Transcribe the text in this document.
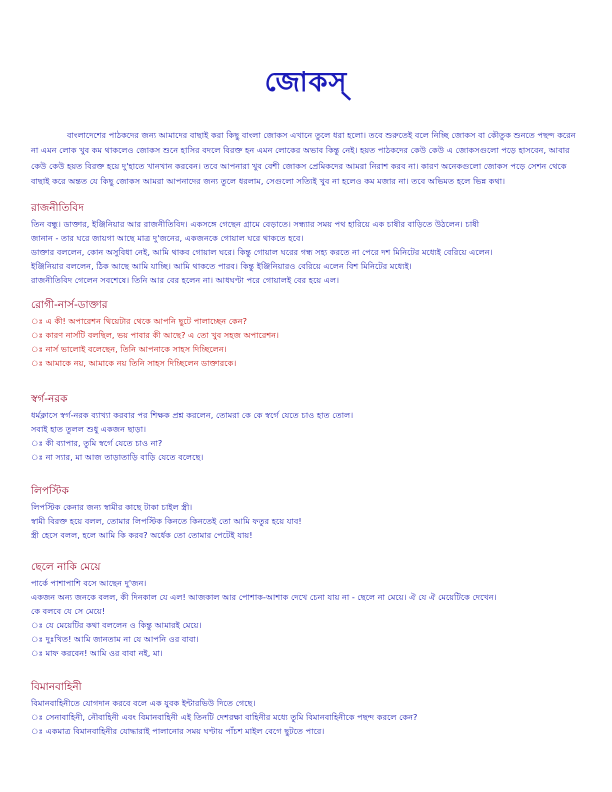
জোকস্‌

বাংলাদেশের পাঠকদের জন্য আমাদের বাছাই করা কিছু বাংলা জোকস এখানে তুলে ধরা হলো। তবে শুরুতেই বলে নিচ্ছি জোকস বা কৌতুক শুনতে পছন্দ করেন না এমন লোক খুব কম থাকলেও জোকস শুনে হাসির বদলে বিরক্ত হন এমন লোকের অভাব কিন্তু নেই। হয়ত পাঠকদের কেউ কেউ এ জোকসগুলো পড়ে হাসবেন, আবার কেউ কেউ হয়ত বিরক্ত হয়ে দু'হাতে খানখান করবেন। তবে আপনারা খুব বেশী জোকস প্রেমিকদের আমরা নিরাশ করব না। কারণ অনেকগুলো জোকস পড়ে সেশন থেকে বাছাই করে অন্তত যে কিছু জোকস আমরা আপনাদের জন্য তুলে ধরলাম, সেগুলো সত্যিই খুব না হলেও কম মজার না। তবে অভিমত হলে ভিন্ন কথা।

রাজনীতিবিদ

তিন বন্ধু। ডাক্তার, ইঞ্জিনিয়ার আর রাজনীতিবিদ। একসঙ্গে গেছেন গ্রামে বেড়াতে। সন্ধ্যার সময় পথ হারিয়ে এক চাষীর বাড়িতে উঠলেন। চাষী

জানান - তার ঘরে জায়গা আছে মাত্র দু'জনের, একজনকে গোয়াল ঘরে থাকতে হবে।

ডাক্তার বললেন, কোন অসুবিধা নেই, আমি থাকব গোয়াল ঘরে। কিন্তু গোয়াল ঘরের গন্ধ সহ্য করতে না পেরে দশ মিনিটের মধ্যেই বেরিয়ে এলেন।

ইঞ্জিনিয়ার বললেন, ঠিক আছে আমি যাচ্ছি। আমি থাকতে পারব। কিন্তু ইঞ্জিনিয়ারও বেরিয়ে এলেন বিশ মিনিটের মধ্যেই।

রাজনীতিবিদ গেলেন সবশেষে। তিনি আর বের হলেন না। আধঘণ্টা পরে গোয়ালই বের হয়ে এল।

রোগী-নার্স-ডাক্তার

ঃ এ কী! অপারেশন থিয়েটার থেকে আপনি ছুটে পালাচ্ছেন কেন?

ঃ কারণ নার্সটি বলছিল, ভয় পাবার কী আছে? এ তো খুব সহজ অপারেশন।

ঃ নার্স ভালোই বলেছেন, তিনি আপনাকে সাহস দিচ্ছিলেন।

ঃ আমাকে নয়, আমাকে নয় তিনি সাহস দিচ্ছিলেন ডাক্তারকে।

স্বর্গ-নরক

ধর্মক্লাসে স্বর্গ-নরক ব্যাখ্যা করবার পর শিক্ষক প্রশ্ন করলেন, তোমরা কে কে স্বর্গে যেতে চাও হাত তোল।

সবাই হাত তুলল শুধু একজন ছাড়া।

ঃ কী ব্যাপার, তুমি স্বর্গে যেতে চাও না?

ঃ না স্যার, মা আজ তাড়াতাড়ি বাড়ি যেতে বলেছে।

লিপস্টিক

লিপস্টিক কেনার জন্য স্বামীর কাছে টাকা চাইল স্ত্রী।

স্বামী বিরক্ত হয়ে বলল, তোমার লিপস্টিক কিনতে কিনতেই তো আমি ফতুর হয়ে যাব!

স্ত্রী হেসে বলল, হলে আমি কি করব? অর্ধেক তো তোমার পেটেই যায়!

ছেলে নাকি মেয়ে

পার্কে পাশাপাশি বসে আছেন দু'জন।

একজন অন্য জনকে বলল, কী দিনকাল যে এল! আজকাল আর পোশাক-আশাক দেখে চেনা যায় না - ছেলে না মেয়ে। ঐ যে ঐ মেয়েটিকে দেখেন।

কে বলবে যে সে মেয়ে!

ঃ যে মেয়েটির কথা বললেন ও কিন্তু আমারই মেয়ে।

ঃ দুঃখিত! আমি জানতাম না যে আপনি ওর বাবা।

ঃ মাফ করবেন! আমি ওর বাবা নই, মা।

বিমানবাহিনী

বিমানবাহিনীতে যোগদান করবে বলে এক যুবক ইন্টারভিউ দিতে গেছে।

ঃ সেনাবাহিনী, নৌবাহিনী এবং বিমানবাহিনী এই তিনটি দেশরক্ষা বাহিনীর মধ্যে তুমি বিমানবাহিনীকে পছন্দ করলে কেন?

ঃ একমাত্র বিমানবাহিনীর যোদ্ধারাই পালানোর সময় ঘণ্টায় পাঁচশ মাইল বেগে ছুটতে পারে।
